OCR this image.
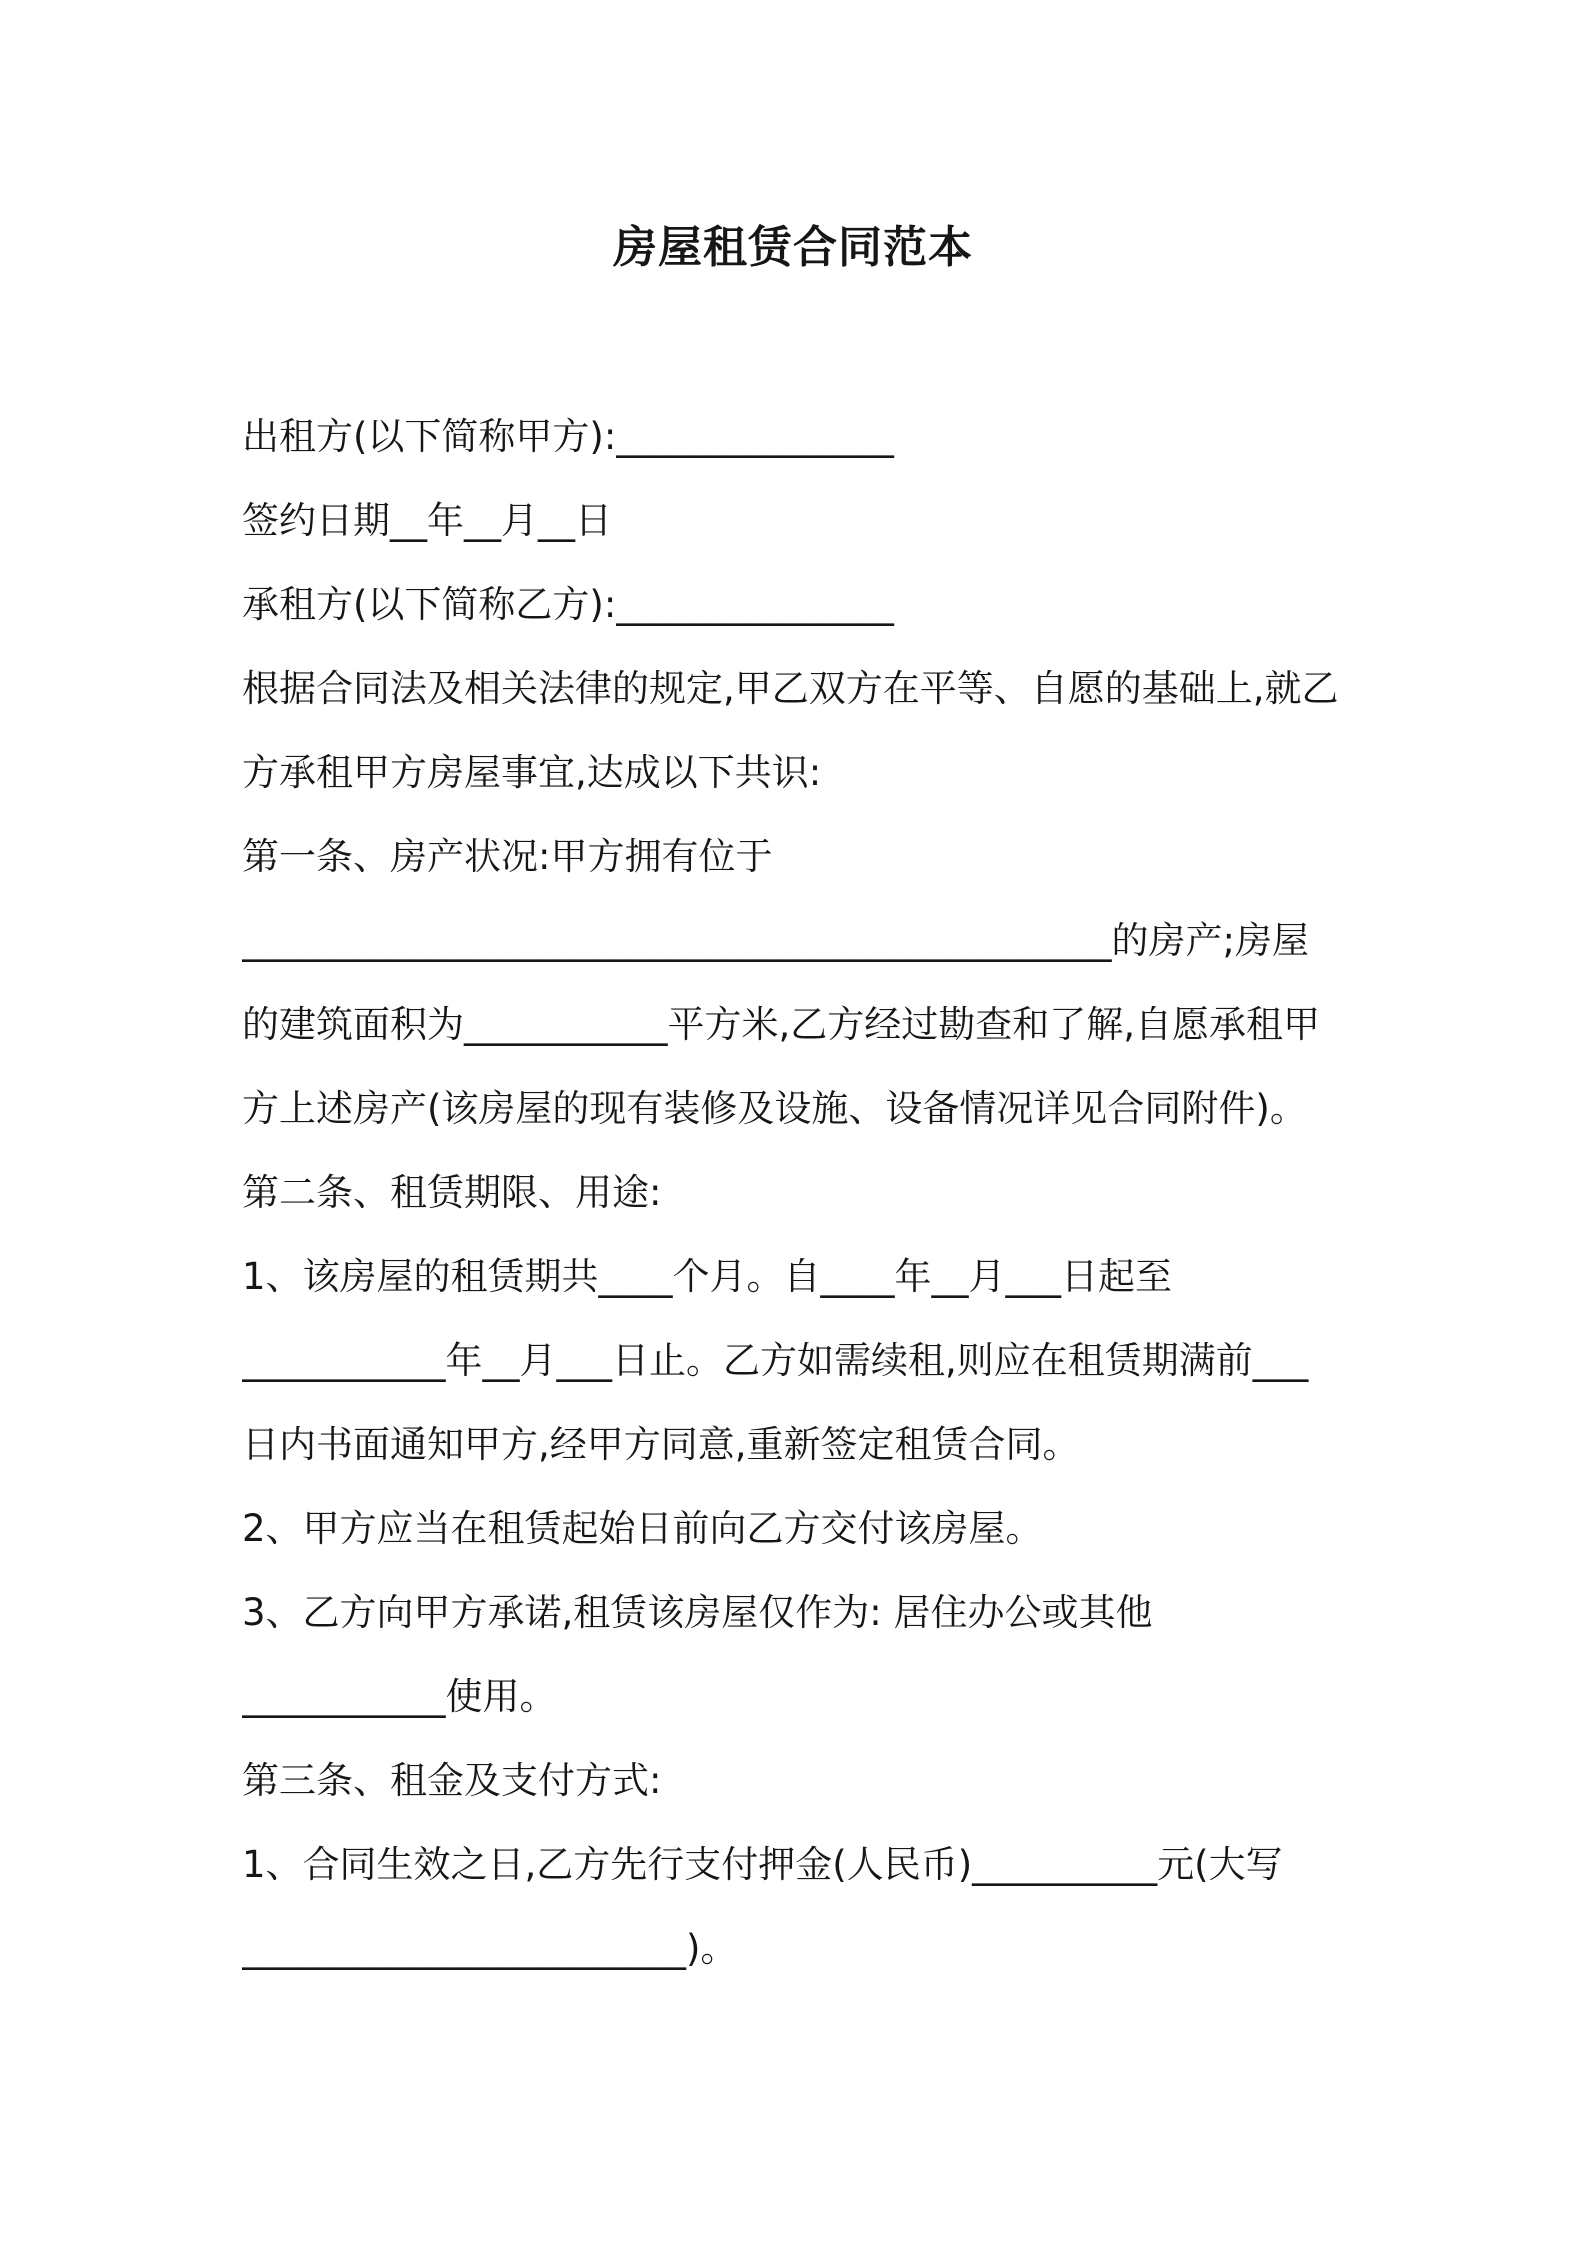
房屋租赁合同范本
出租方(以下简称甲方):_______________
签约日期__年__月__日
承租方(以下简称乙方):_______________
根据合同法及相关法律的规定,甲乙双方在平等、自愿的基础上,就乙
方承租甲方房屋事宜,达成以下共识:
第一条、房产状况:甲方拥有位于
_______________________________________________的房产;房屋
的建筑面积为___________平方米,乙方经过勘查和了解,自愿承租甲
方上述房产(该房屋的现有装修及设施、设备情况详见合同附件)。
第二条、租赁期限、用途:
1、该房屋的租赁期共____个月。自____年__月___日起至
___________年__月___日止。乙方如需续租,则应在租赁期满前___
日内书面通知甲方,经甲方同意,重新签定租赁合同。
2、甲方应当在租赁起始日前向乙方交付该房屋。
3、乙方向甲方承诺,租赁该房屋仅作为: 居住办公或其他
___________使用。
第三条、租金及支付方式:
1、合同生效之日,乙方先行支付押金(人民币)__________元(大写
________________________)。
